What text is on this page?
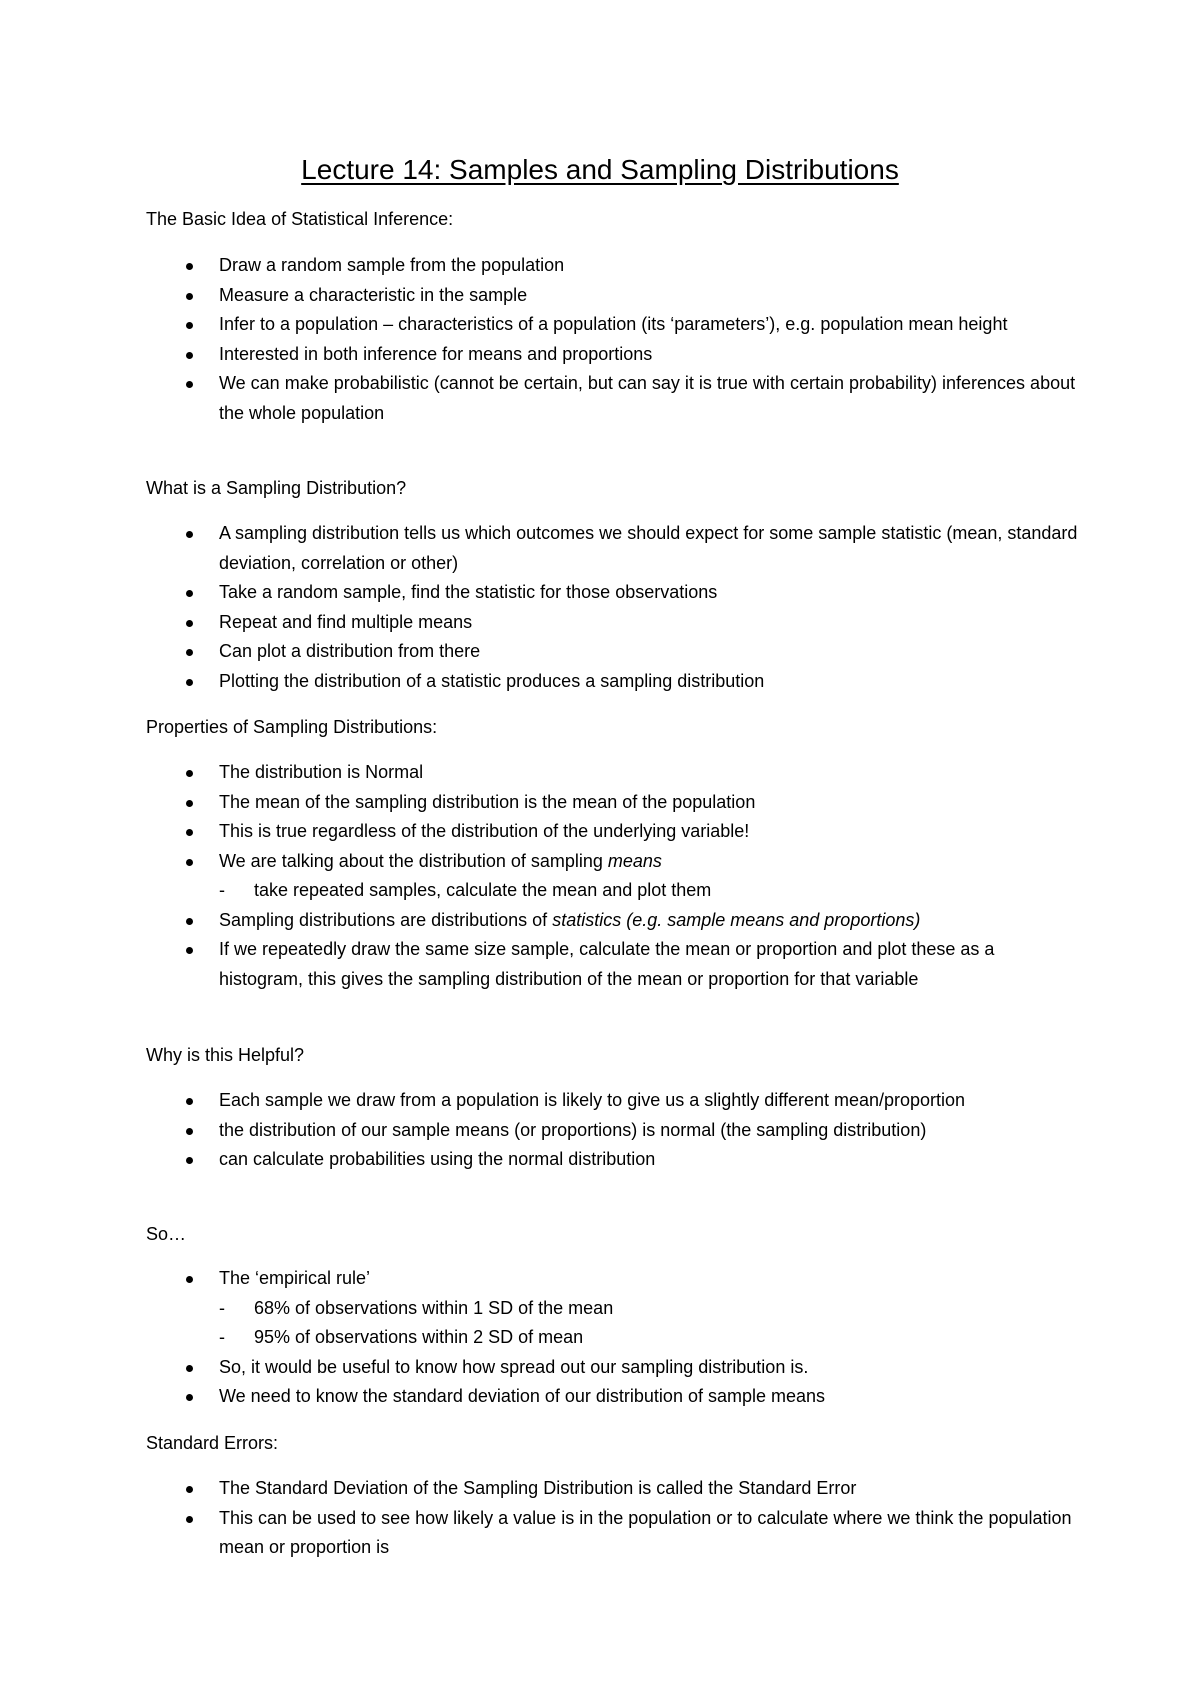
Lecture 14: Samples and Sampling Distributions
The Basic Idea of Statistical Inference:
Draw a random sample from the population
Measure a characteristic in the sample
Infer to a population – characteristics of a population (its ‘parameters’), e.g. population mean height
Interested in both inference for means and proportions
We can make probabilistic (cannot be certain, but can say it is true with certain probability) inferences about the whole population
What is a Sampling Distribution?
A sampling distribution tells us which outcomes we should expect for some sample statistic (mean, standard deviation, correlation or other)
Take a random sample, find the statistic for those observations
Repeat and find multiple means
Can plot a distribution from there
Plotting the distribution of a statistic produces a sampling distribution
Properties of Sampling Distributions:
The distribution is Normal
The mean of the sampling distribution is the mean of the population
This is true regardless of the distribution of the underlying variable!
We are talking about the distribution of sampling means
- take repeated samples, calculate the mean and plot them
Sampling distributions are distributions of statistics (e.g. sample means and proportions)
If we repeatedly draw the same size sample, calculate the mean or proportion and plot these as a histogram, this gives the sampling distribution of the mean or proportion for that variable
Why is this Helpful?
Each sample we draw from a population is likely to give us a slightly different mean/proportion
the distribution of our sample means (or proportions) is normal (the sampling distribution)
can calculate probabilities using the normal distribution
So…
The ‘empirical rule’
- 68% of observations within 1 SD of the mean
- 95% of observations within 2 SD of mean
So, it would be useful to know how spread out our sampling distribution is.
We need to know the standard deviation of our distribution of sample means
Standard Errors:
The Standard Deviation of the Sampling Distribution is called the Standard Error
This can be used to see how likely a value is in the population or to calculate where we think the population mean or proportion is
